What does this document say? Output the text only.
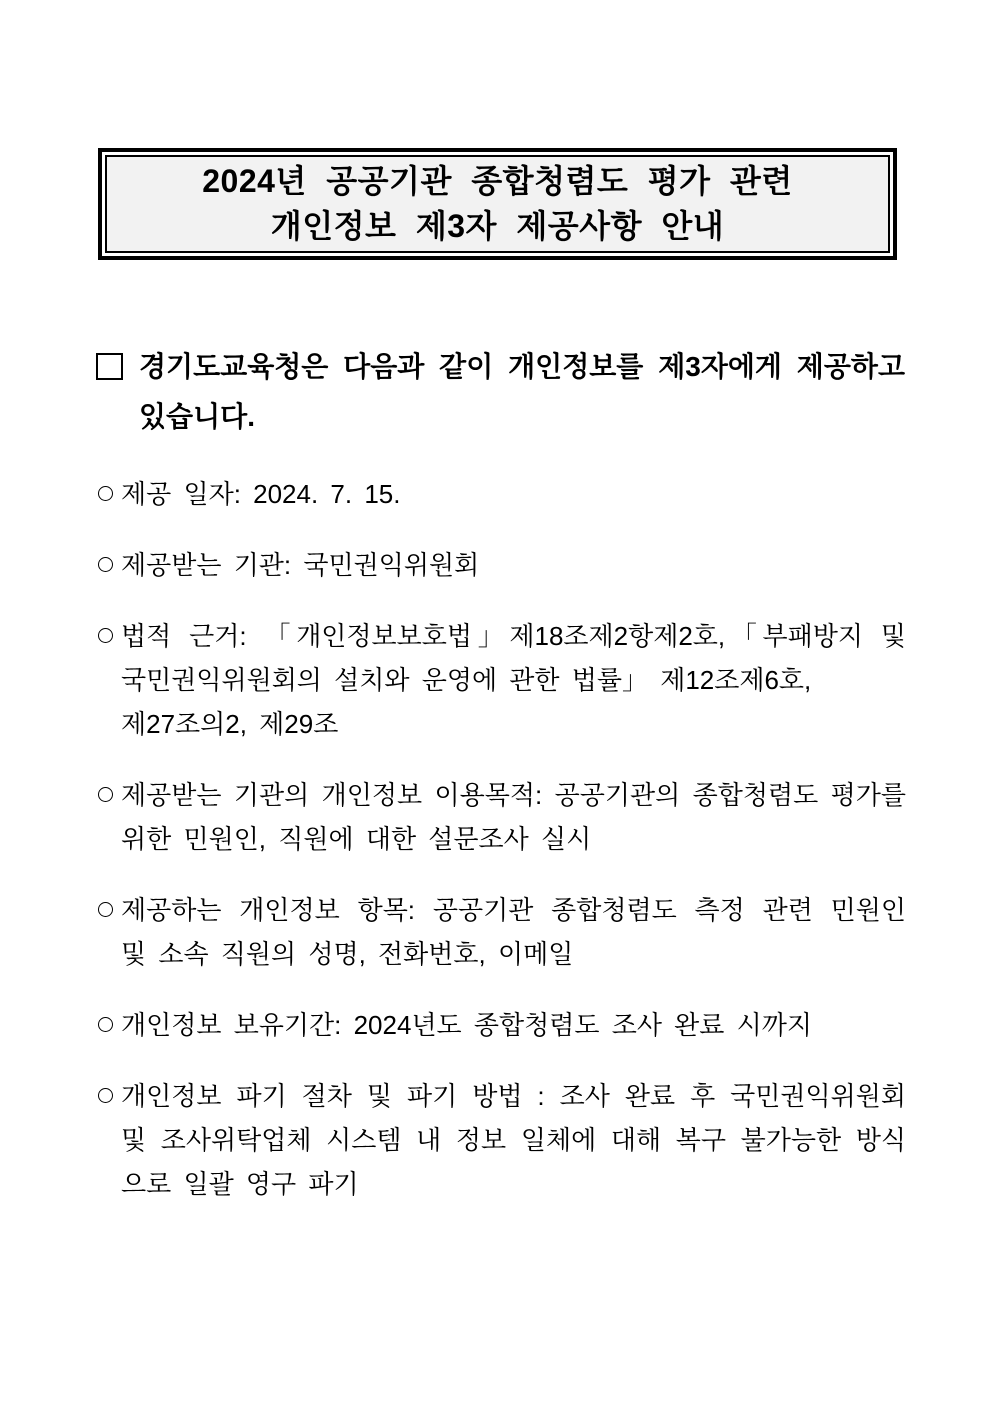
2024년 공공기관 종합청렴도 평가 관련
개인정보 제3자 제공사항 안내
경기도교육청은 다음과 같이 개인정보를 제3자에게 제공하고
있습니다.
제공 일자: 2024. 7. 15.
제공받는 기관: 국민권익위원회
법적 근거: 「개인정보보호법」제18조제2항제2호,「부패방지 및
국민권익위원회의 설치와 운영에 관한 법률」 제12조제6호,
제27조의2, 제29조
제공받는 기관의 개인정보 이용목적: 공공기관의 종합청렴도 평가를
위한 민원인, 직원에 대한 설문조사 실시
제공하는 개인정보 항목: 공공기관 종합청렴도 측정 관련 민원인
및 소속 직원의 성명, 전화번호, 이메일
개인정보 보유기간: 2024년도 종합청렴도 조사 완료 시까지
개인정보 파기 절차 및 파기 방법 : 조사 완료 후 국민권익위원회
및 조사위탁업체 시스템 내 정보 일체에 대해 복구 불가능한 방식
으로 일괄 영구 파기
